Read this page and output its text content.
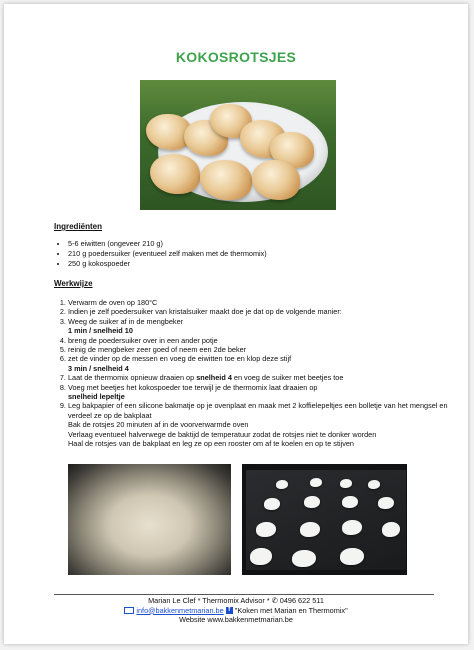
KOKOSROTSJES
Ingrediënten
• 5-6 eiwitten (ongeveer 210 g)
• 210 g poedersuiker (eventueel zelf maken met de thermomix)
• 250 g kokospoeder
Werkwijze
1. Verwarm de oven op 180°C
2. Indien je zelf poedersuiker van kristalsuiker maakt doe je dat op de volgende manier:
3. Weeg de suiker af in de mengbeker
1 min / snelheid 10
4. breng de poedersuiker over in een ander potje
5. reinig de mengbeker zeer goed of neem een 2de beker
6. zet de vinder op de messen en voeg de eiwitten toe en klop deze stijf
3 min / snelheid 4
7. Laat de thermomix opnieuw draaien op snelheid 4 en voeg de suiker met beetjes toe
8. Voeg met beetjes het kokospoeder toe terwijl je de thermomix laat draaien op
snelheid lepeltje
9. Leg bakpapier of een silicone bakmatje op je ovenplaat en maak met 2 koffielepeltjes een bolletje van het mengsel en verdeel ze op de bakplaat
Bak de rotsjes 20 minuten af in de voorverwarmde oven
Verlaag eventueel halverwege de baktijd de temperatuur zodat de rotsjes niet te donker worden
Haal de rotsjes van de bakplaat en leg ze op een rooster om af te koelen en op te stijven
Marian Le Clef * Thermomix Advisor * ✆ 0496 622 511
info@bakkenmetmarian.be f "Koken met Marian en Thermomix"
Website www.bakkenmetmarian.be
